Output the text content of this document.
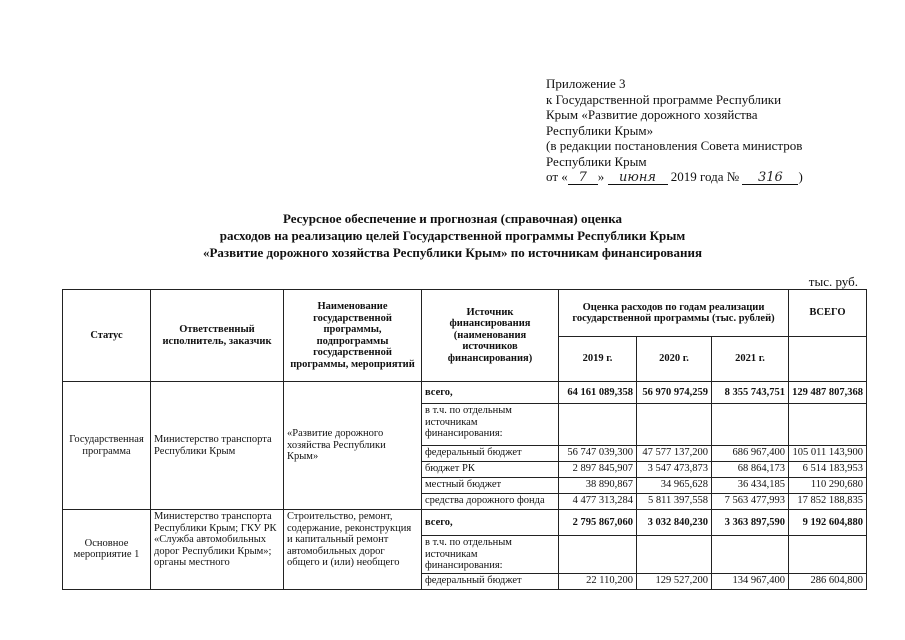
Приложение 3
к Государственной программе Республики
Крым «Развитие дорожного хозяйства
Республики Крым»
(в редакции постановления Совета министров
Республики Крым
от « 7 » июня 2019 года № 316 )
Ресурсное обеспечение и прогнозная (справочная) оценка
расходов на реализацию целей Государственной программы Республики Крым
«Развитие дорожного хозяйства Республики Крым» по источникам финансирования
тыс. руб.
Статус	Ответственный исполнитель, заказчик	Наименование государственной программы, подпрограммы государственной программы, мероприятий	Источник финансирования (наименования источников финансирования)	Оценка расходов по годам реализации государственной программы (тыс. рублей)			ВСЕГО
				2019 г.	2020 г.	2021 г.	
Государственная программа	Министерство транспорта Республики Крым	«Развитие дорожного хозяйства Республики Крым»	всего,	64 161 089,358	56 970 974,259	8 355 743,751	129 487 807,368
			в т.ч. по отдельным источникам финансирования:				
			федеральный бюджет	56 747 039,300	47 577 137,200	686 967,400	105 011 143,900
			бюджет РК	2 897 845,907	3 547 473,873	68 864,173	6 514 183,953
			местный бюджет	38 890,867	34 965,628	36 434,185	110 290,680
			средства дорожного фонда	4 477 313,284	5 811 397,558	7 563 477,993	17 852 188,835
Основное мероприятие 1	Министерство транспорта Республики Крым; ГКУ РК «Служба автомобильных дорог Республики Крым»; органы местного	Строительство, ремонт, содержание, реконструкция и капитальный ремонт автомобильных дорог общего и (или) необщего	всего,	2 795 867,060	3 032 840,230	3 363 897,590	9 192 604,880
			в т.ч. по отдельным источникам финансирования:				
			федеральный бюджет	22 110,200	129 527,200	134 967,400	286 604,800
